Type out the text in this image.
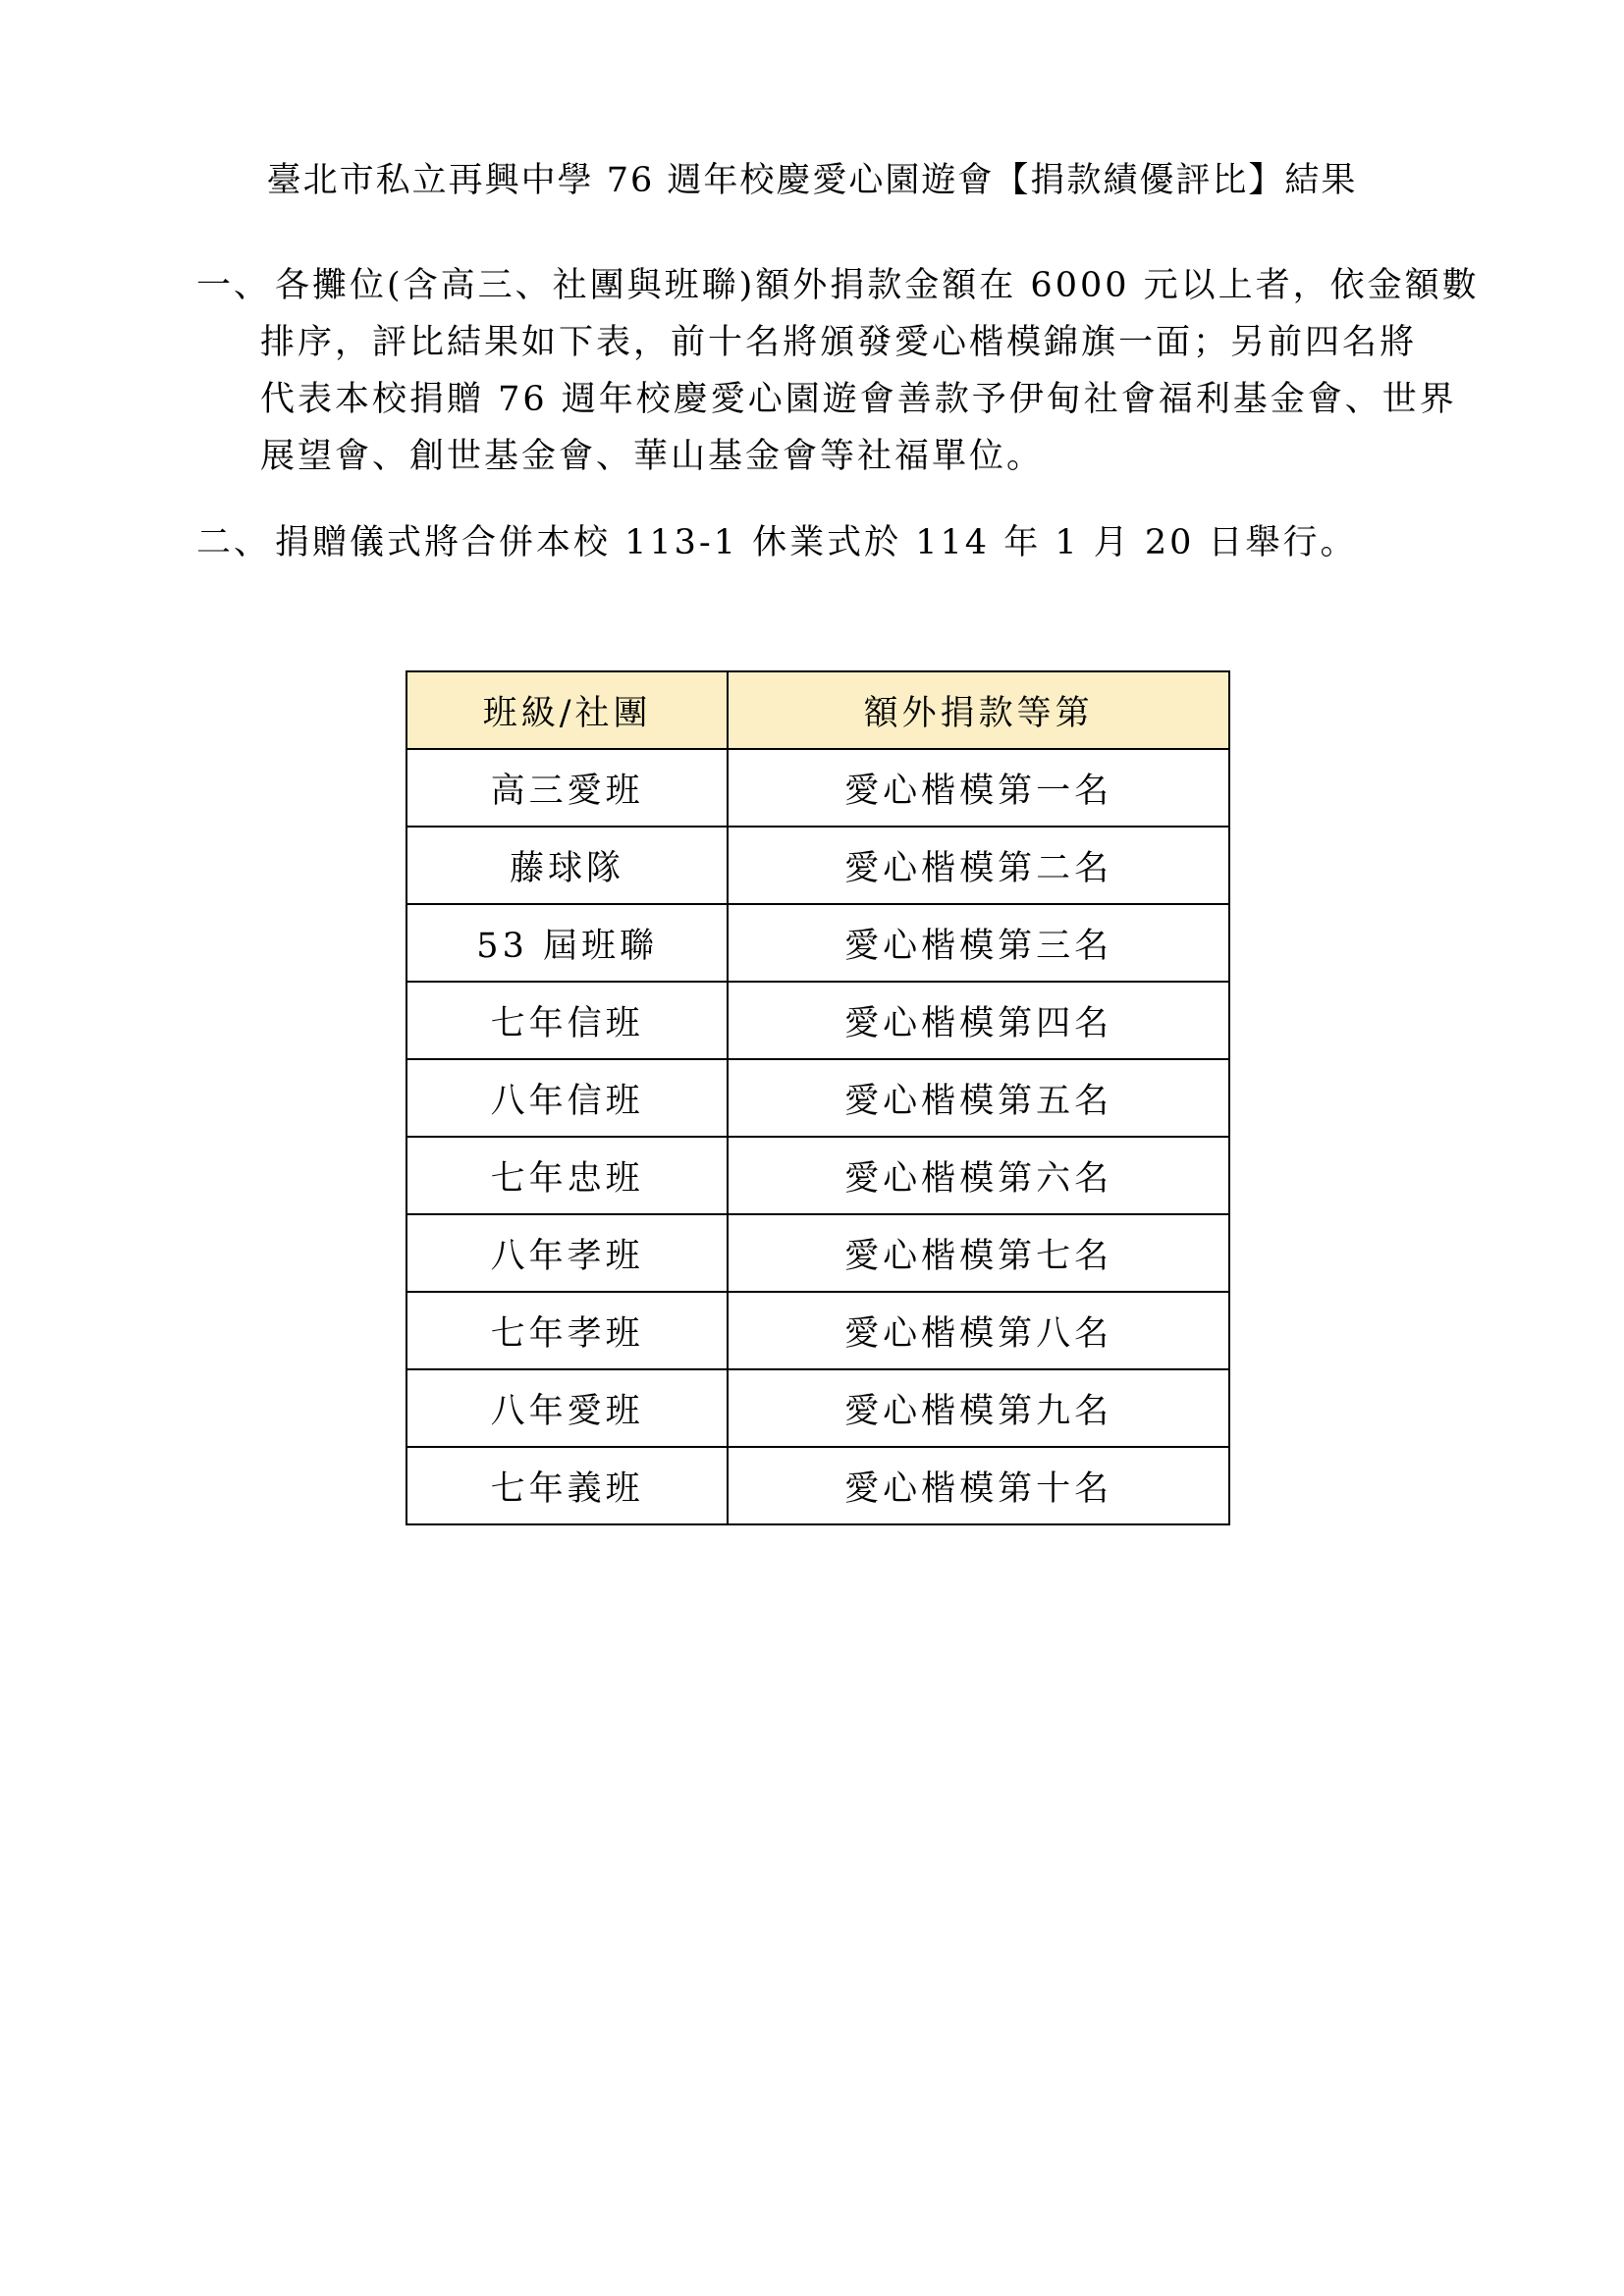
臺北市私立再興中學 76 週年校慶愛心園遊會【捐款績優評比】結果
一、 各攤位(含高三、社團與班聯)額外捐款金額在 6000 元以上者，依金額數
排序，評比結果如下表，前十名將頒發愛心楷模錦旗一面；另前四名將
代表本校捐贈 76 週年校慶愛心園遊會善款予伊甸社會福利基金會、世界
展望會、創世基金會、華山基金會等社福單位。
二、 捐贈儀式將合併本校 113-1 休業式於 114 年 1 月 20 日舉行。
班級/社團	額外捐款等第
高三愛班	愛心楷模第一名
藤球隊	愛心楷模第二名
53 屆班聯	愛心楷模第三名
七年信班	愛心楷模第四名
八年信班	愛心楷模第五名
七年忠班	愛心楷模第六名
八年孝班	愛心楷模第七名
七年孝班	愛心楷模第八名
八年愛班	愛心楷模第九名
七年義班	愛心楷模第十名
